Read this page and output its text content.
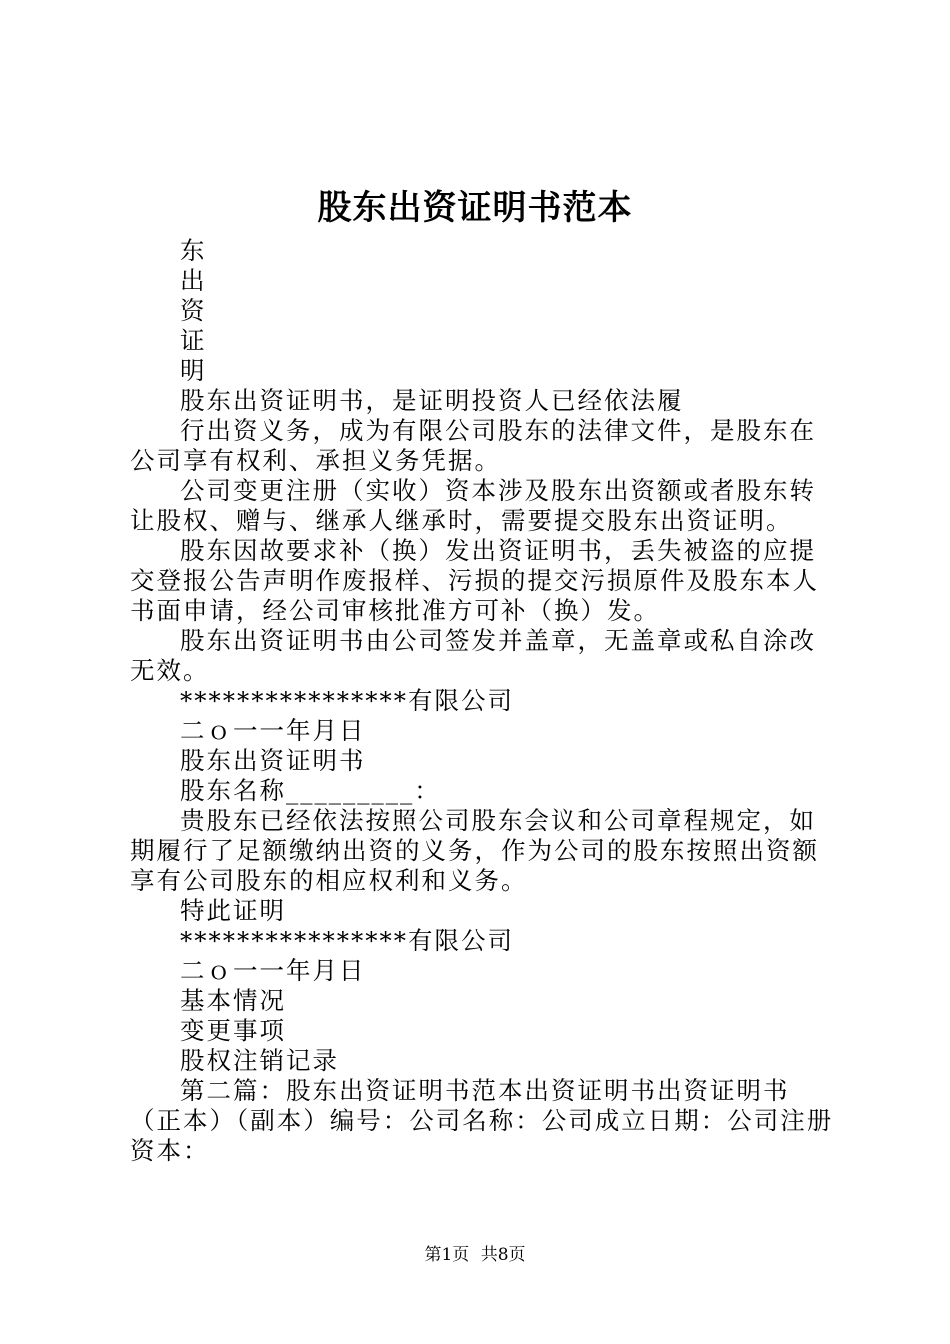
股东出资证明书范本

东

出

资

证

明

股东出资证明书，是证明投资人已经依法履

行出资义务，成为有限公司股东的法律文件，是股东在公司享有权利、承担义务凭据。

公司变更注册（实收）资本涉及股东出资额或者股东转让股权、赠与、继承人继承时，需要提交股东出资证明。

股东因故要求补（换）发出资证明书，丢失被盗的应提交登报公告声明作废报样、污损的提交污损原件及股东本人书面申请，经公司审核批准方可补（换）发。

股东出资证明书由公司签发并盖章，无盖章或私自涂改无效。

****************有限公司

二ｏ一一年月日

股东出资证明书

股东名称_________：

贵股东已经依法按照公司股东会议和公司章程规定，如期履行了足额缴纳出资的义务，作为公司的股东按照出资额享有公司股东的相应权利和义务。

特此证明

****************有限公司

二ｏ一一年月日

基本情况

变更事项

股权注销记录

第二篇：股东出资证明书范本出资证明书出资证明书（正本）（副本）编号：公司名称：公司成立日期：公司注册资本：

第1页 共8页
